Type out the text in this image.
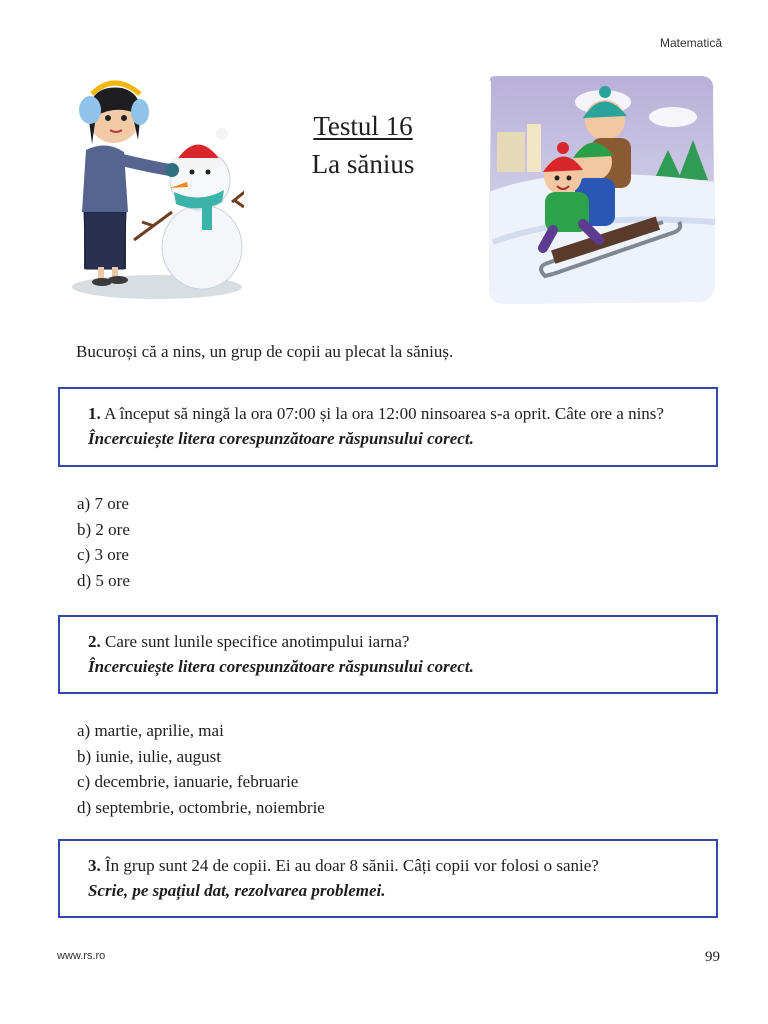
Matematică
Testul 16
La sănius
Bucuroși că a nins, un grup de copii au plecat la săniuș.
1. A început să ningă la ora 07:00 și la ora 12:00 ninsoarea s-a oprit. Câte ore a nins?
Încercuiește litera corespunzătoare răspunsului corect.
a) 7 ore
b) 2 ore
c) 3 ore
d) 5 ore
2. Care sunt lunile specifice anotimpului iarna?
Încercuiește litera corespunzătoare răspunsului corect.
a) martie, aprilie, mai
b) iunie, iulie, august
c) decembrie, ianuarie, februarie
d) septembrie, octombrie, noiembrie
3. În grup sunt 24 de copii. Ei au doar 8 sănii. Câți copii vor folosi o sanie?
Scrie, pe spațiul dat, rezolvarea problemei.
www.rs.ro	99
